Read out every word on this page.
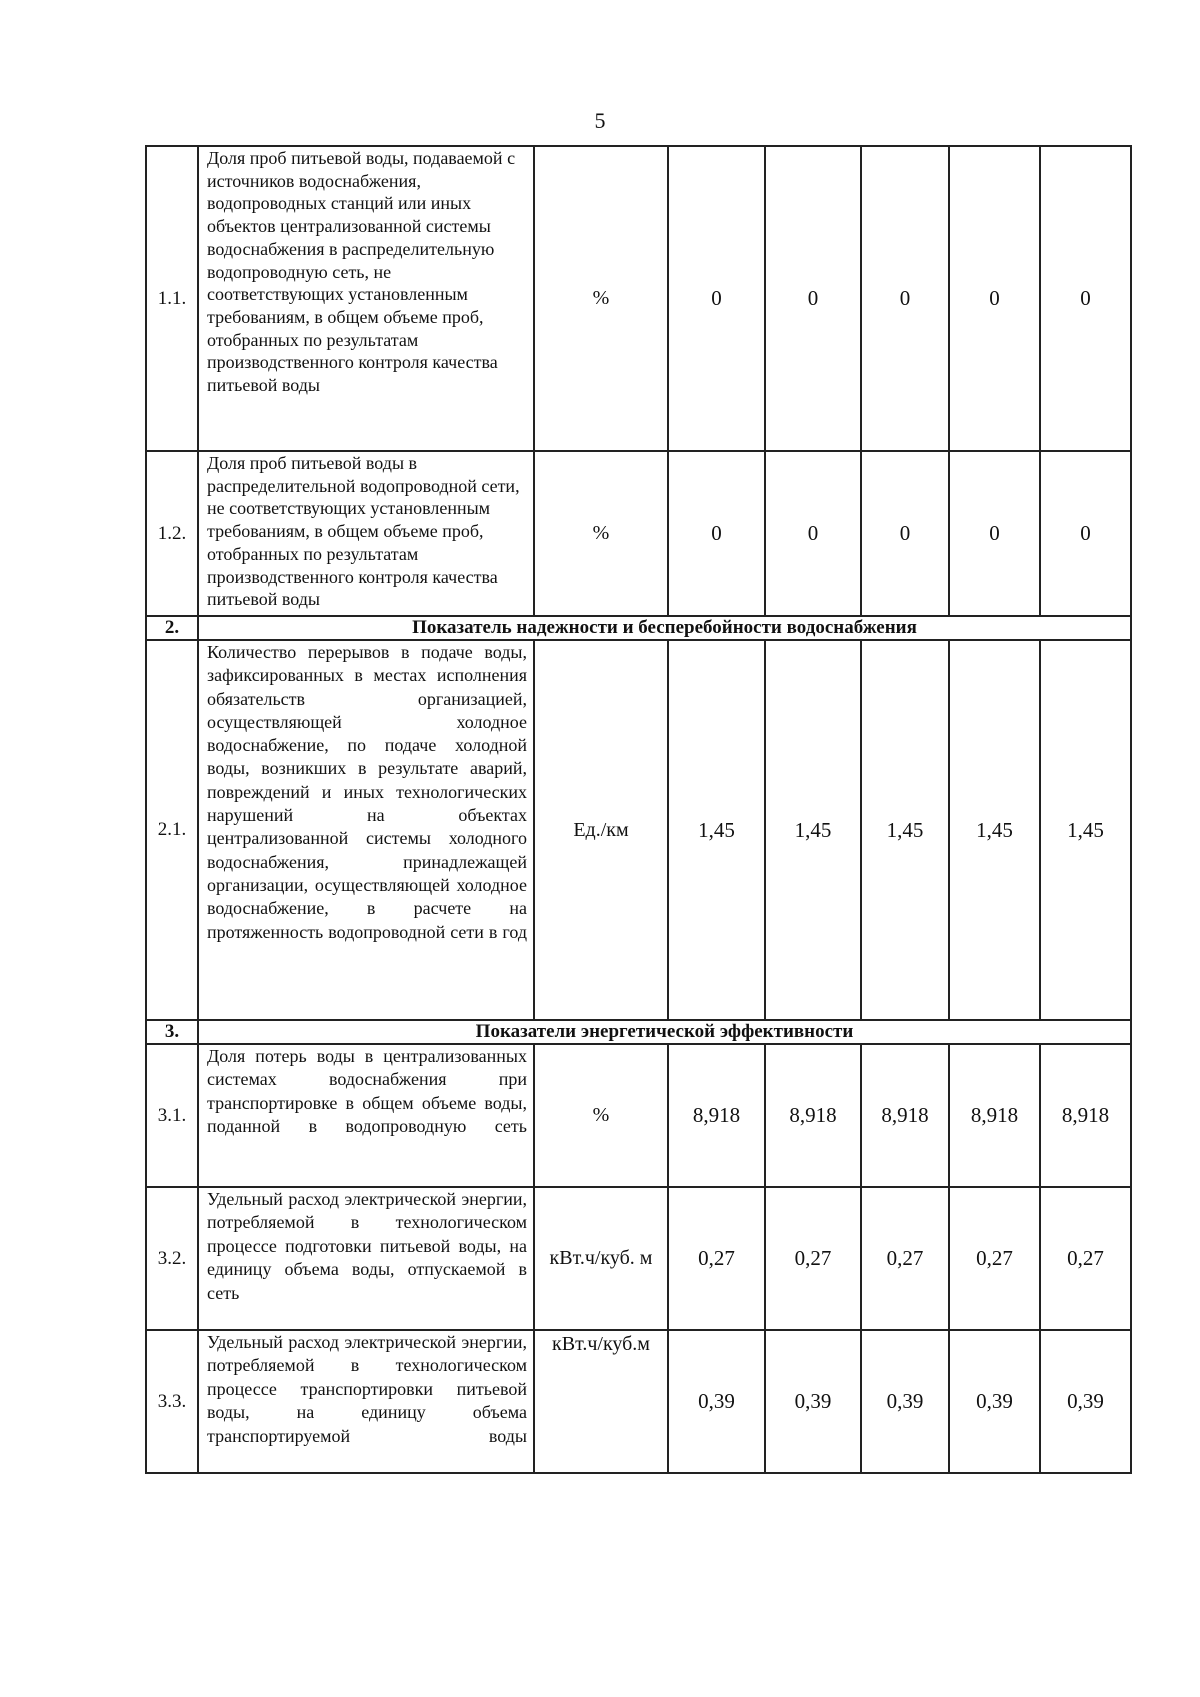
5
1.1.	Доля проб питьевой воды, подаваемой с источников водоснабжения, водопроводных станций или иных объектов централизованной системы водоснабжения в распределительную водопроводную сеть, не соответствующих установленным требованиям, в общем объеме проб, отобранных по результатам производственного контроля качества питьевой воды	%	0	0	0	0	0
1.2.	Доля проб питьевой воды в распределительной водопроводной сети, не соответствующих установленным требованиям, в общем объеме проб, отобранных по результатам производственного контроля качества питьевой воды	%	0	0	0	0	0
2.	Показатель надежности и бесперебойности водоснабжения						
2.1.	Количество перерывов в подаче воды, зафиксированных в местах исполнения обязательств организацией, осуществляющей холодное водоснабжение, по подаче холодной воды, возникших в результате аварий, повреждений и иных технологических нарушений на объектах централизованной системы холодного водоснабжения, принадлежащей организации, осуществляющей холодное водоснабжение, в расчете на протяженность водопроводной сети в год	Ед./км	1,45	1,45	1,45	1,45	1,45
3.	Показатели энергетической эффективности						
3.1.	Доля потерь воды в централизованных системах водоснабжения при транспортировке в общем объеме воды, поданной в водопроводную сеть	%	8,918	8,918	8,918	8,918	8,918
3.2.	Удельный расход электрической энергии, потребляемой в технологическом процессе подготовки питьевой воды, на единицу объема воды, отпускаемой в сеть	кВт.ч/куб. м	0,27	0,27	0,27	0,27	0,27
3.3.	Удельный расход электрической энергии, потребляемой в технологическом процессе транспортировки питьевой воды, на единицу объема транспортируемой воды	кВт.ч/куб.м	0,39	0,39	0,39	0,39	0,39
